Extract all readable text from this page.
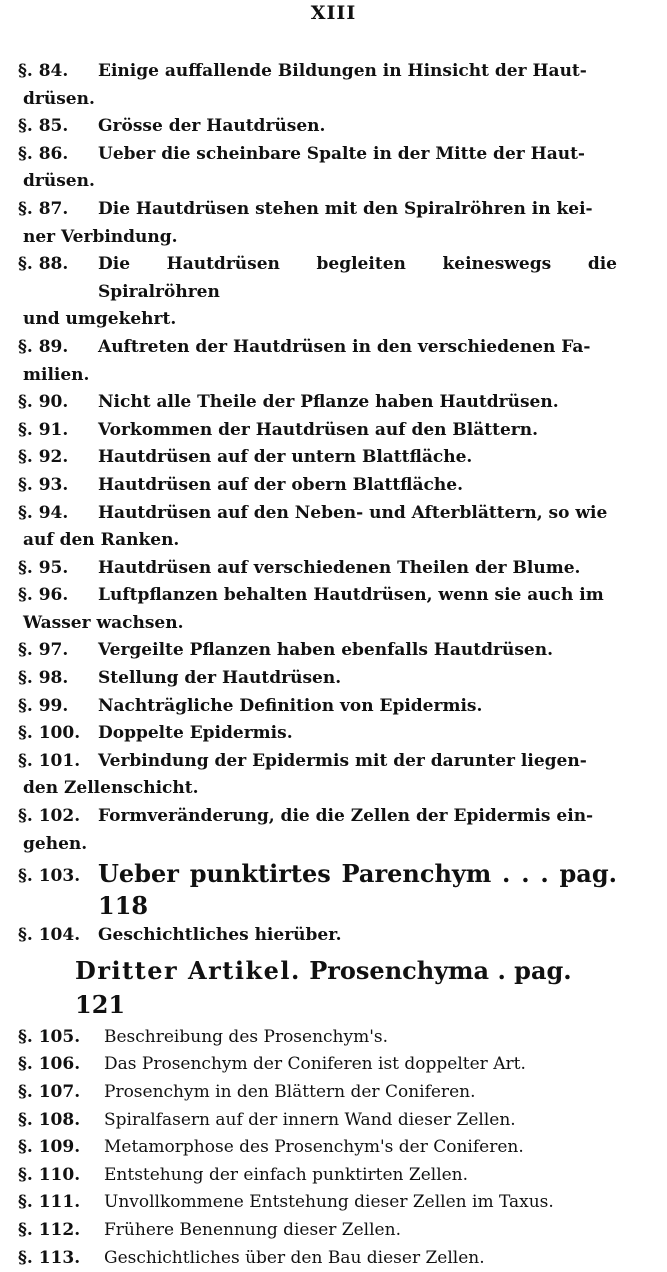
XIII
§. 84. Einige auffallende Bildungen in Hinsicht der Haut-
drüsen.
§. 85. Grösse der Hautdrüsen.
§. 86. Ueber die scheinbare Spalte in der Mitte der Haut-
drüsen.
§. 87. Die Hautdrüsen stehen mit den Spiralröhren in kei-
ner Verbindung.
§. 88. Die Hautdrüsen begleiten keineswegs die Spiralröhren
und umgekehrt.
§. 89. Auftreten der Hautdrüsen in den verschiedenen Fa-
milien.
§. 90. Nicht alle Theile der Pflanze haben Hautdrüsen.
§. 91. Vorkommen der Hautdrüsen auf den Blättern.
§. 92. Hautdrüsen auf der untern Blattfläche.
§. 93. Hautdrüsen auf der obern Blattfläche.
§. 94. Hautdrüsen auf den Neben- und Afterblättern, so wie
auf den Ranken.
§. 95. Hautdrüsen auf verschiedenen Theilen der Blume.
§. 96. Luftpflanzen behalten Hautdrüsen, wenn sie auch im
Wasser wachsen.
§. 97. Vergeilte Pflanzen haben ebenfalls Hautdrüsen.
§. 98. Stellung der Hautdrüsen.
§. 99. Nachträgliche Definition von Epidermis.
§. 100. Doppelte Epidermis.
§. 101. Verbindung der Epidermis mit der darunter liegen-
den Zellenschicht.
§. 102. Formveränderung, die die Zellen der Epidermis ein-
gehen.
§. 103. Ueber punktirtes Parenchym . . . pag. 118
§. 104. Geschichtliches hierüber.
Dritter Artikel. Prosenchyma . pag. 121
§. 105. Beschreibung des Prosenchym's.
§. 106. Das Prosenchym der Coniferen ist doppelter Art.
§. 107. Prosenchym in den Blättern der Coniferen.
§. 108. Spiralfasern auf der innern Wand dieser Zellen.
§. 109. Metamorphose des Prosenchym's der Coniferen.
§. 110. Entstehung der einfach punktirten Zellen.
§. 111. Unvollkommene Entstehung dieser Zellen im Taxus.
§. 112. Frühere Benennung dieser Zellen.
§. 113. Geschichtliches über den Bau dieser Zellen.
